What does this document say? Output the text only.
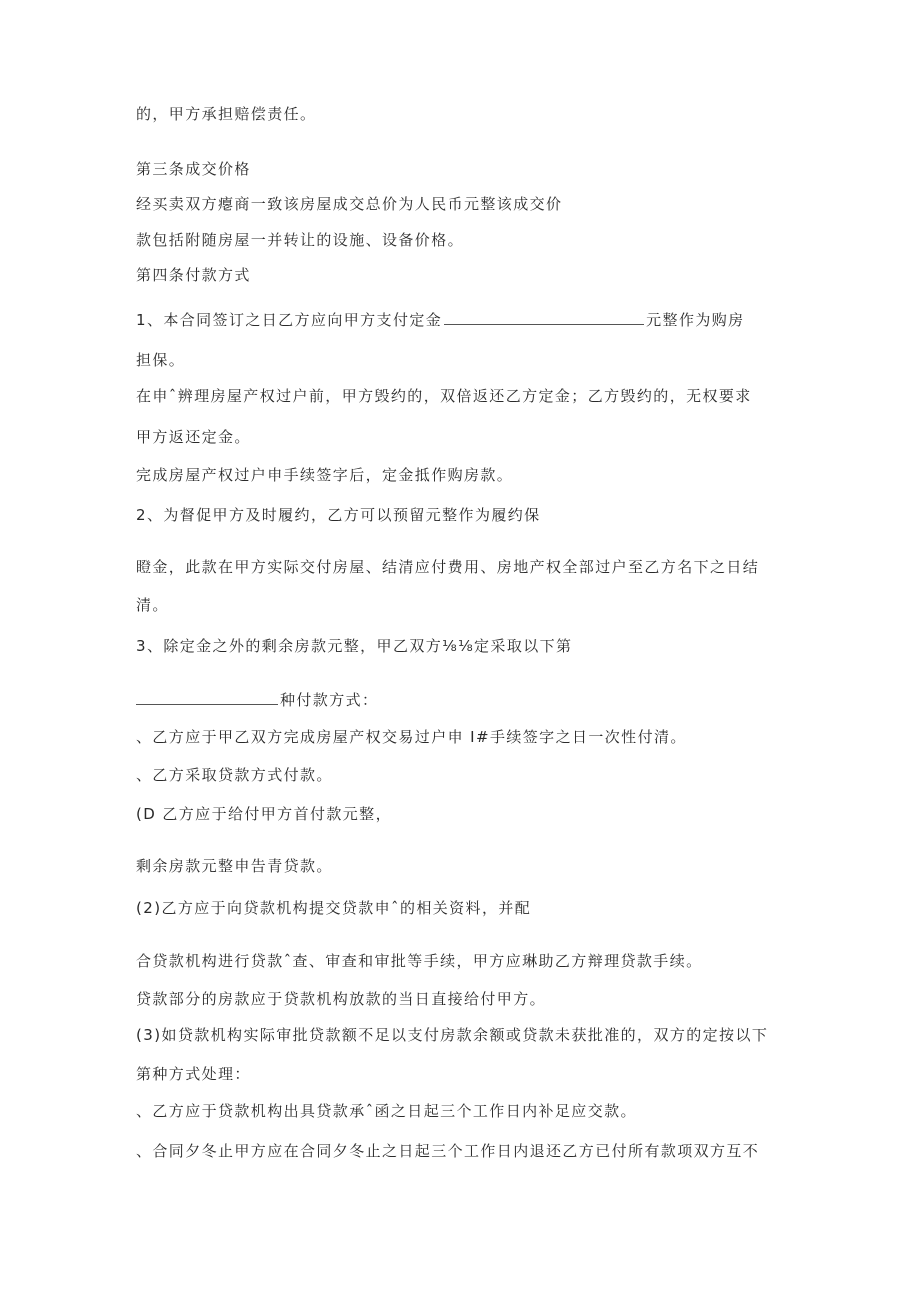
的，甲方承担赔偿责任。
第三条成交价格
经买卖双方瘪商一致该房屋成交总价为人民币元整该成交价
款包括附随房屋一并转让的设施、设备价格。
第四条付款方式
1、本合同签订之日乙方应向甲方支付定金	元整作为购房
担保。
在申ˆ辨理房屋产权过户前，甲方毁约的，双倍返还乙方定金；乙方毁约的，无权要求
甲方返还定金。
完成房屋产权过户申手续签字后，定金抵作购房款。
2、为督促甲方及时履约，乙方可以预留元整作为履约保
瞪金，此款在甲方实际交付房屋、结清应付费用、房地产权全部过户至乙方名下之日结
清。
3、除定金之外的剩余房款元整，甲乙双方⅛⅛定采取以下第
种付款方式：
、乙方应于甲乙双方完成房屋产权交易过户申 I#手续签字之日一次性付清。
、乙方采取贷款方式付款。
(D 乙方应于给付甲方首付款元整，
剩余房款元整申告青贷款。
(2)乙方应于向贷款机构提交贷款申ˆ的相关资料，并配
合贷款机构进行贷款ˆ查、审查和审批等手续，甲方应琳助乙方辩理贷款手续。
贷款部分的房款应于贷款机构放款的当日直接给付甲方。
(3)如贷款机构实际审批贷款额不足以支付房款余额或贷款未获批准的，双方的定按以下
第种方式处理：
、乙方应于贷款机构出具贷款承ˆ函之日起三个工作日内补足应交款。
、合同夕冬止甲方应在合同夕冬止之日起三个工作日内退还乙方已付所有款项双方互不
